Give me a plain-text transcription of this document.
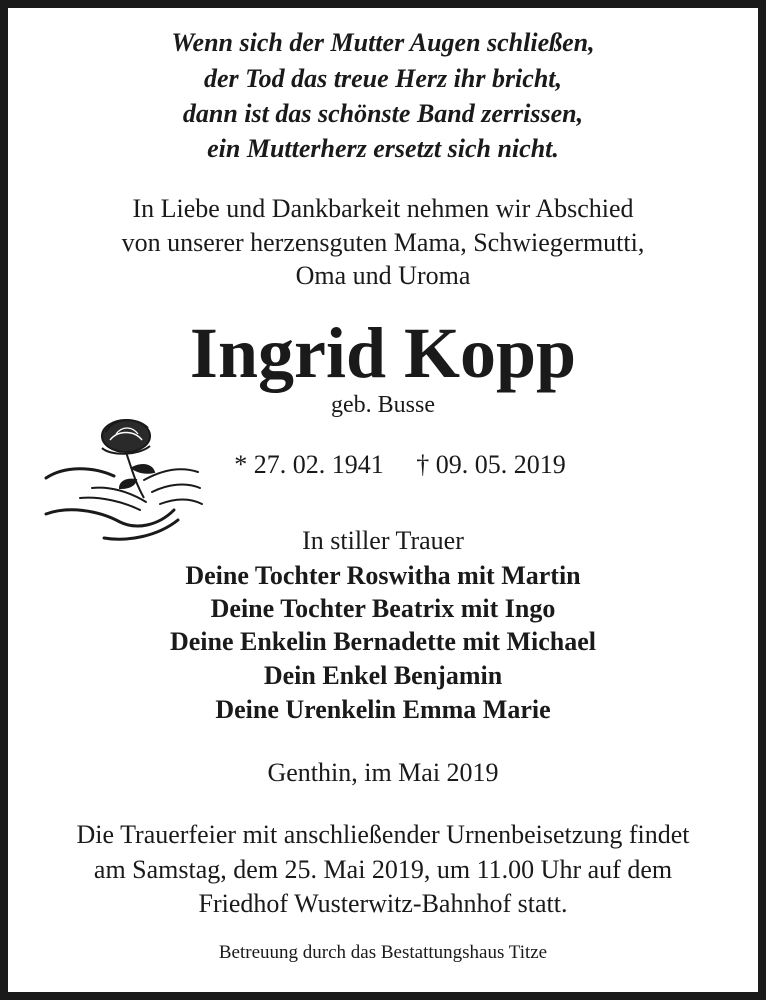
Wenn sich der Mutter Augen schließen,
der Tod das treue Herz ihr bricht,
dann ist das schönste Band zerrissen,
ein Mutterherz ersetzt sich nicht.
In Liebe und Dankbarkeit nehmen wir Abschied
von unserer herzensguten Mama, Schwiegermutti,
Oma und Uroma
Ingrid Kopp
geb. Busse
* 27. 02. 1941     † 09. 05. 2019
In stiller Trauer
Deine Tochter Roswitha mit Martin
Deine Tochter Beatrix mit Ingo
Deine Enkelin Bernadette mit Michael
Dein Enkel Benjamin
Deine Urenkelin Emma Marie
Genthin, im Mai 2019
Die Trauerfeier mit anschließender Urnenbeisetzung findet
am Samstag, dem 25. Mai 2019, um 11.00 Uhr auf dem
Friedhof Wusterwitz-Bahnhof statt.
Betreuung durch das Bestattungshaus Titze
